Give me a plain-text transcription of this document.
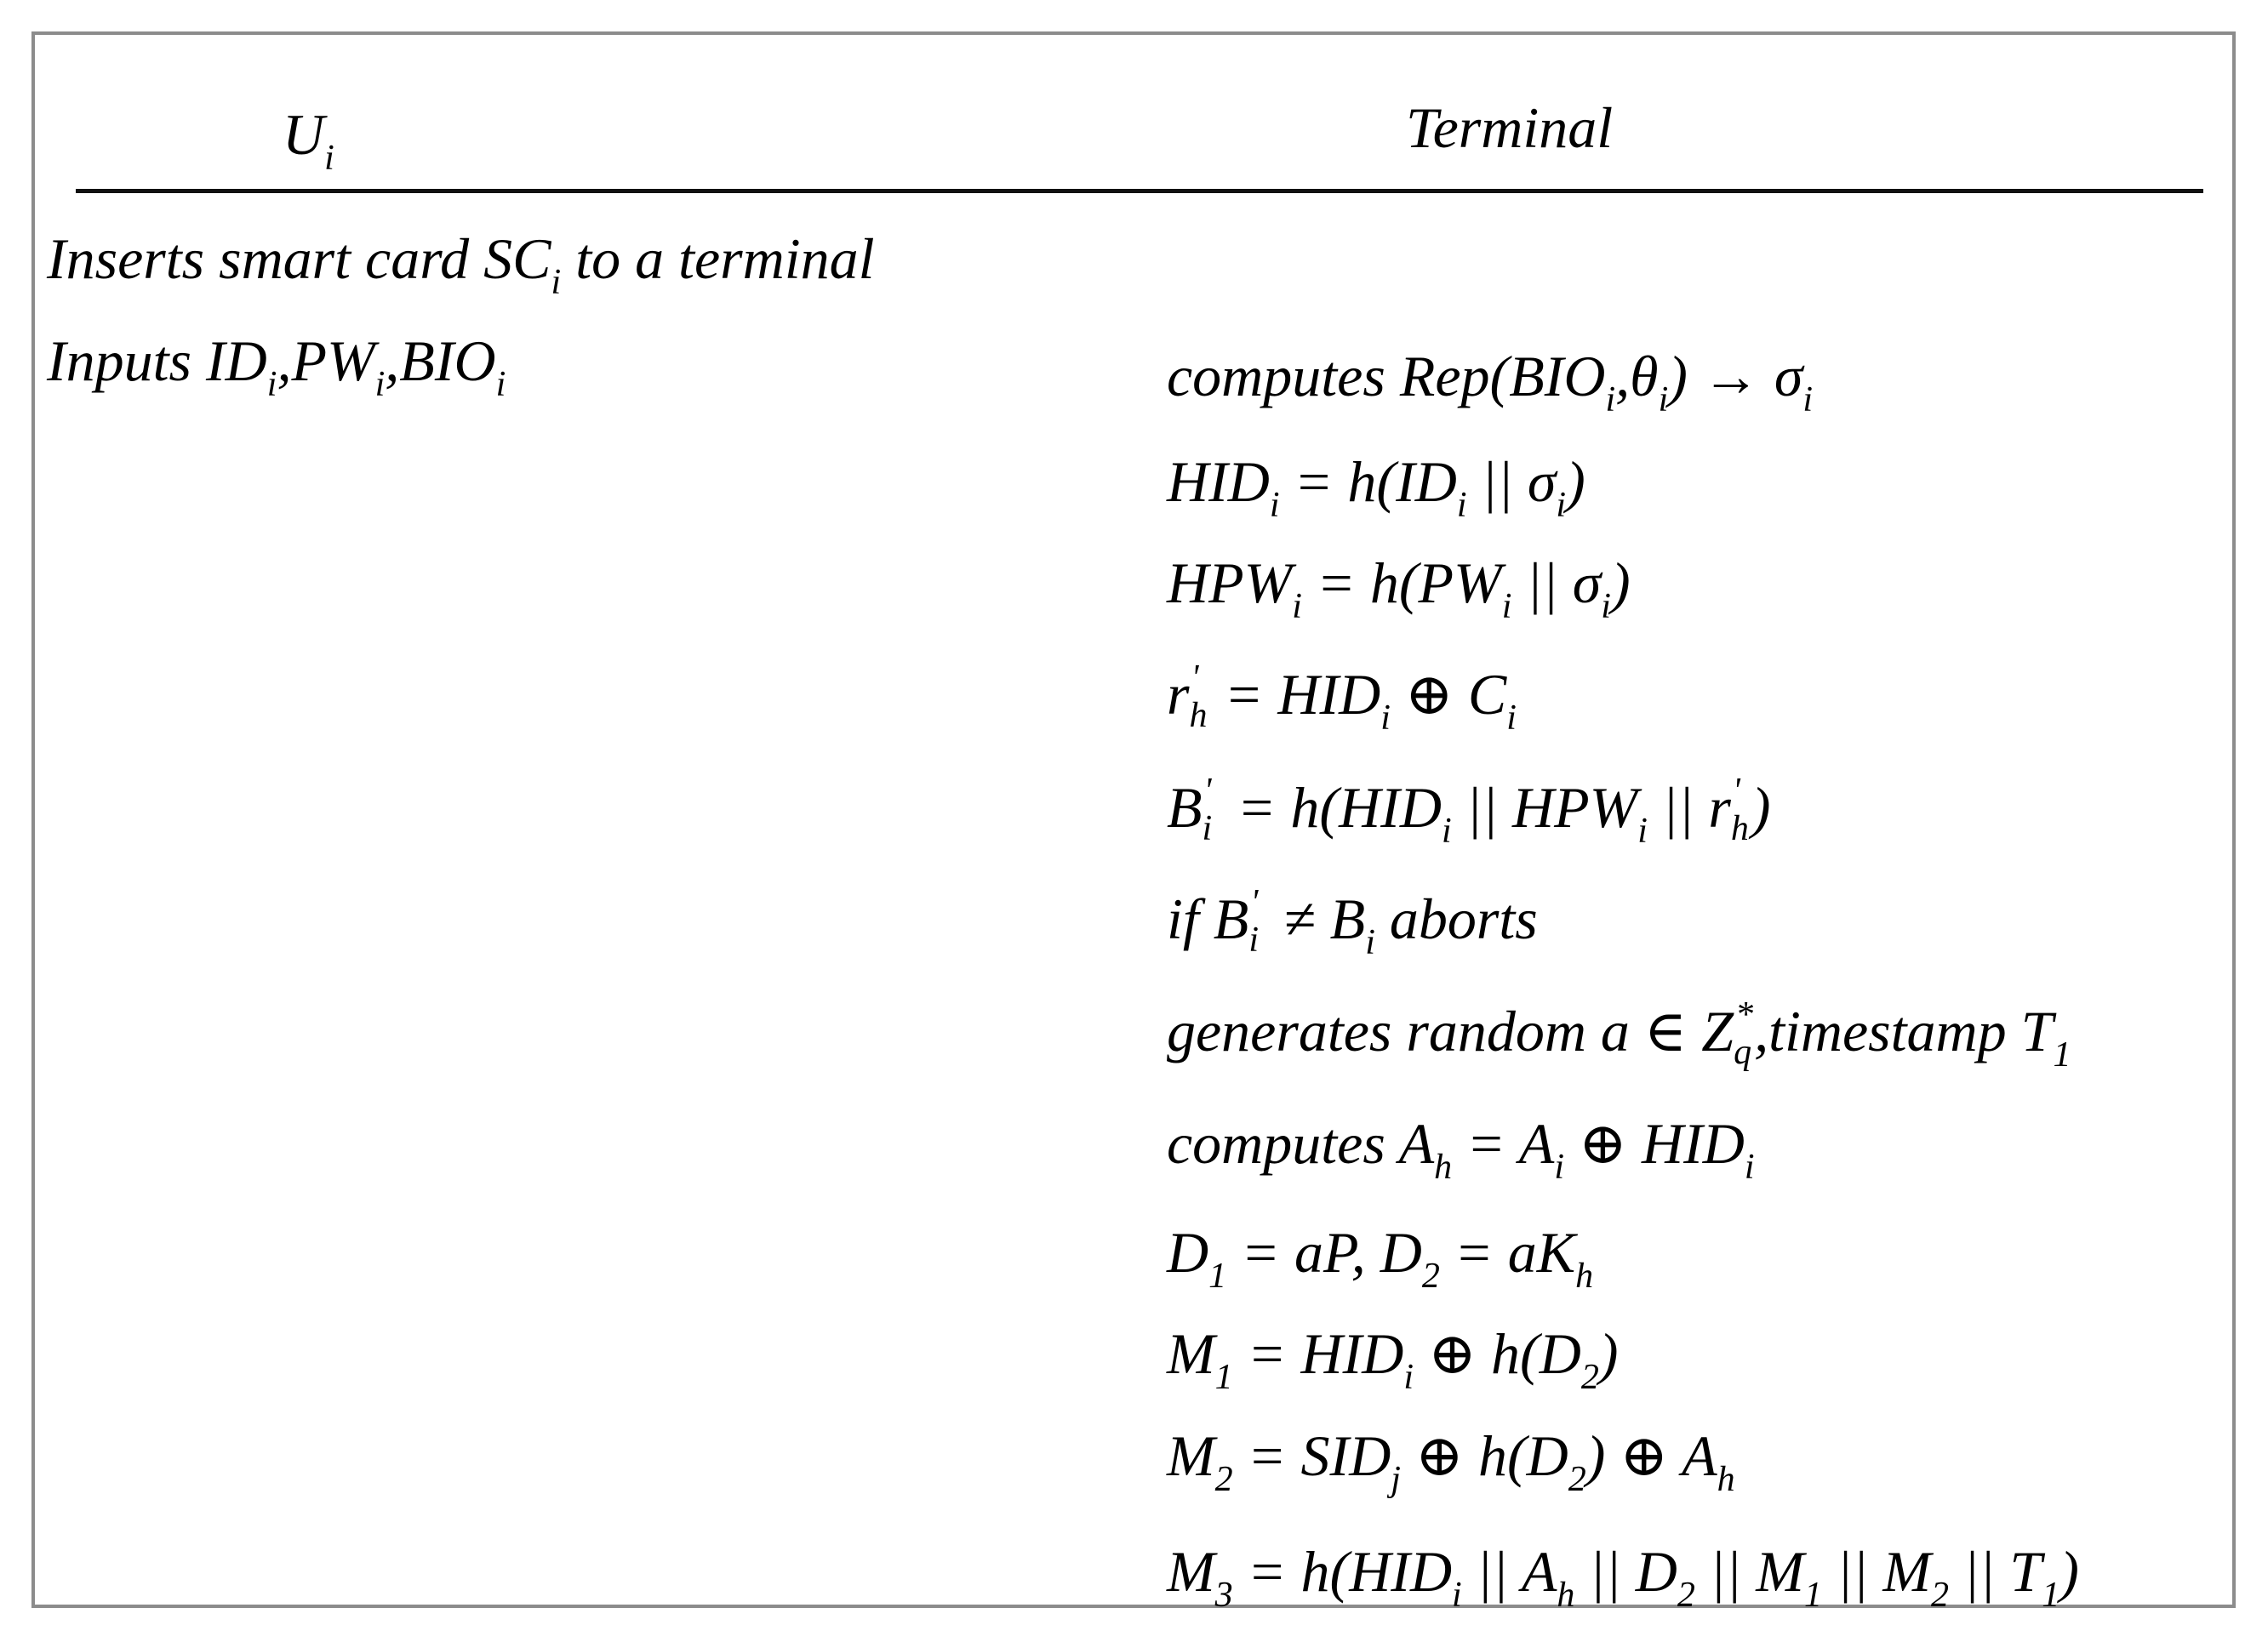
$U_i$	Terminal
Inserts smart card $SC_i$ to a terminal
Inputs $ID_i,PW_i,BIO_i$	computes $Rep(BIO_i,\theta_i) \to \sigma_i$
$HID_i = h(ID_i$ || $\sigma_i$)
$HPW_i = h(PW_i$ || $\sigma_i$)
r '
$h = HID_i$ ⊕ $C_i$
B '
$i = h(HID_i$ || $HPW_i$ || r '
h )
if B '
$i \ne B_i$ aborts
generates random a ∈ Z *
q ,timestamp $T_1$
computes $A_h = A_i$ ⊕ $HID_i$
$D_1$ = aP, $D_2 = aK_h$
$M_1 = HID_i$ ⊕ $h(D_2)$
$M_2 = SID_j$ ⊕ $h(D_2)$ ⊕ $A_h$
$M_3 = h(HID_i$ || $A_h$ || $D_2$ || $M_1$ || $M_2$ || $T_1$)
